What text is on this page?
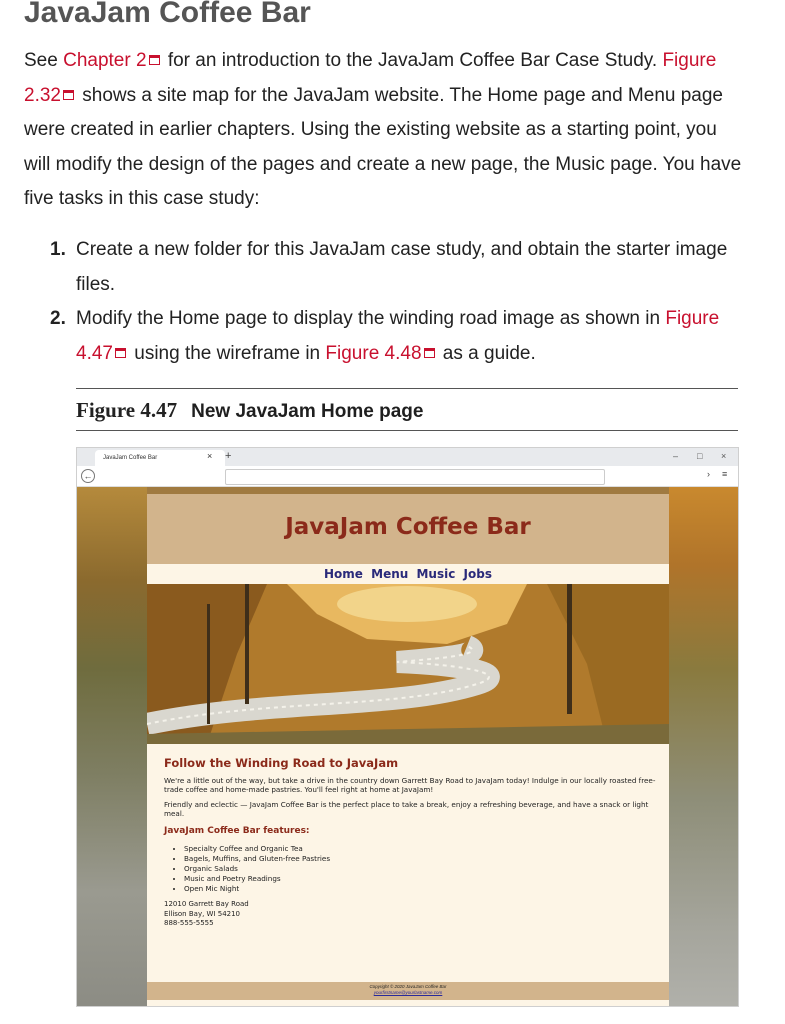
JavaJam Coffee Bar
See Chapter 2 for an introduction to the JavaJam Coffee Bar Case Study. Figure 2.32 shows a site map for the JavaJam website. The Home page and Menu page were created in earlier chapters. Using the existing website as a starting point, you will modify the design of the pages and create a new page, the Music page. You have five tasks in this case study:
1. Create a new folder for this JavaJam case study, and obtain the starter image files.
2. Modify the Home page to display the winding road image as shown in Figure 4.47 using the wireframe in Figure 4.48 as a guide.
Figure 4.47 New JavaJam Home page
JavaJam Coffee Bar	× +	– □ ×
←	› ≡
JavaJam Coffee Bar
Home Menu Music Jobs
Follow the Winding Road to JavaJam

We're a little out of the way, but take a drive in the country down Garrett Bay Road to JavaJam today! Indulge in our locally roasted free-trade coffee and home-made pastries. You'll feel right at home at JavaJam!

Friendly and eclectic — JavaJam Coffee Bar is the perfect place to take a break, enjoy a refreshing beverage, and have a snack or light meal.

JavaJam Coffee Bar features:
• Specialty Coffee and Organic Tea
• Bagels, Muffins, and Gluten-free Pastries
• Organic Salads
• Music and Poetry Readings
• Open Mic Night
12010 Garrett Bay Road
Ellison Bay, WI 54210
888-555-5555
Copyright © 2020 JavaJam Coffee Bar
yourfirstname@yourlastname.com
